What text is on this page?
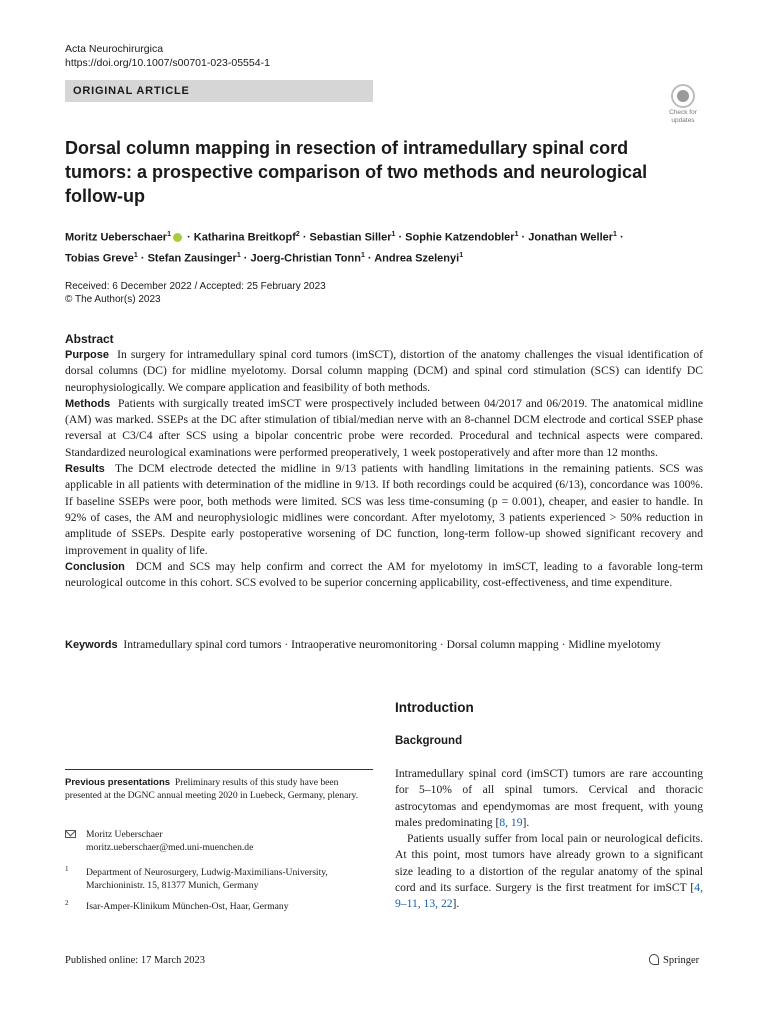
Acta Neurochirurgica
https://doi.org/10.1007/s00701-023-05554-1
ORIGINAL ARTICLE
Check for
updates
Dorsal column mapping in resection of intramedullary spinal cord tumors: a prospective comparison of two methods and neurological follow-up
Moritz Ueberschaer$^1$ · Katharina Breitkopf$^2$ · Sebastian Siller$^1$ · Sophie Katzendobler$^1$ · Jonathan Weller$^1$ ·
Tobias Greve$^1$ · Stefan Zausinger$^1$ · Joerg-Christian Tonn$^1$ · Andrea Szelenyi$^1$
Received: 6 December 2022 / Accepted: 25 February 2023
© The Author(s) 2023
Abstract

Purpose In surgery for intramedullary spinal cord tumors (imSCT), distortion of the anatomy challenges the visual identification of dorsal columns (DC) for midline myelotomy. Dorsal column mapping (DCM) and spinal cord stimulation (SCS) can identify DC neurophysiologically. We compare application and feasibility of both methods.

Methods Patients with surgically treated imSCT were prospectively included between 04/2017 and 06/2019. The anatomical midline (AM) was marked. SSEPs at the DC after stimulation of tibial/median nerve with an 8-channel DCM electrode and cortical SSEP phase reversal at C3/C4 after SCS using a bipolar concentric probe were recorded. Procedural and technical aspects were compared. Standardized neurological examinations were performed preoperatively, 1 week postoperatively and after more than 12 months.

Results The DCM electrode detected the midline in 9/13 patients with handling limitations in the remaining patients. SCS was applicable in all patients with determination of the midline in 9/13. If both recordings could be acquired (6/13), concordance was 100%. If baseline SSEPs were poor, both methods were limited. SCS was less time-consuming (p = 0.001), cheaper, and easier to handle. In 92% of cases, the AM and neurophysiologic midlines were concordant. After myelotomy, 3 patients experienced > 50% reduction in amplitude of SSEPs. Despite early postoperative worsening of DC function, long-term follow-up showed significant recovery and improvement in quality of life.

Conclusion DCM and SCS may help confirm and correct the AM for myelotomy in imSCT, leading to a favorable long-term neurological outcome in this cohort. SCS evolved to be superior concerning applicability, cost-effectiveness, and time expenditure.

Keywords Intramedullary spinal cord tumors · Intraoperative neuromonitoring · Dorsal column mapping · Midline myelotomy
Introduction
Background

Intramedullary spinal cord (imSCT) tumors are rare accounting for 5–10% of all spinal tumors. Cervical and thoracic astrocytomas and ependymomas are most frequent, with young males predominating [8, 19].

Patients usually suffer from local pain or neurological deficits. At this point, most tumors have already grown to a significant size leading to a distortion of the regular anatomy of the spinal cord and its surface. Surgery is the first treatment for imSCT [4, 9–11, 13, 22].

Previous presentations Preliminary results of this study have been presented at the DGNC annual meeting 2020 in Luebeck, Germany, plenary.
Moritz Ueberschaer
moritz.ueberschaer@med.uni-muenchen.de
1 Department of Neurosurgery, Ludwig-Maximilians-University, Marchioninistr. 15, 81377 Munich, Germany
2 Isar-Amper-Klinikum München-Ost, Haar, Germany
Published online: 17 March 2023	Springer
